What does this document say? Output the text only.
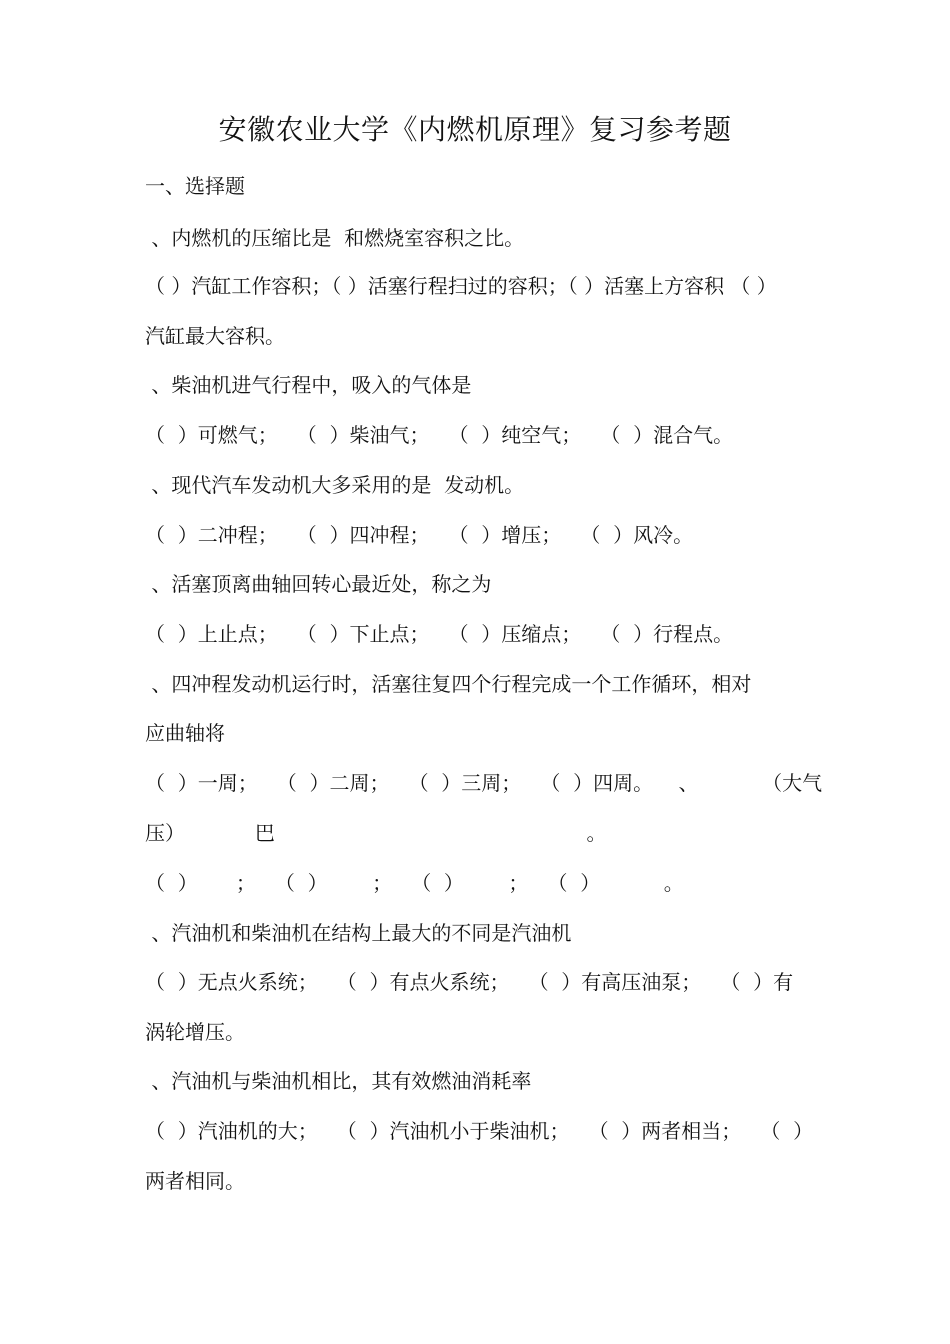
安徽农业大学《内燃机原理》复习参考题
一、选择题
、内燃机的压缩比是  和燃烧室容积之比。
（ ）汽缸工作容积；（ ）活塞行程扫过的容积；（ ）活塞上方容积 （ ）
汽缸最大容积。
、柴油机进气行程中，吸入的气体是
（  ）可燃气；   （  ）柴油气；   （  ）纯空气；   （  ）混合气。
、现代汽车发动机大多采用的是  发动机。
（  ）二冲程；   （  ）四冲程；   （  ）增压；   （  ）风冷。
、活塞顶离曲轴回转心最近处，称之为
（  ）上止点；   （  ）下止点；   （  ）压缩点；   （  ）行程点。
、四冲程发动机运行时，活塞往复四个行程完成一个工作循环，相对
应曲轴将
（  ）一周；   （  ）二周；   （  ）三周；   （  ）四周。    、          （大气
压）           巴                                                 。
（  ）      ；   （  ）       ；   （  ）       ；   （  ）          。
、汽油机和柴油机在结构上最大的不同是汽油机
（  ）无点火系统；   （  ）有点火系统；   （  ）有高压油泵；   （  ）有
涡轮增压。
、汽油机与柴油机相比，其有效燃油消耗率
（  ）汽油机的大；   （  ）汽油机小于柴油机；   （  ）两者相当；   （  ）
两者相同。
